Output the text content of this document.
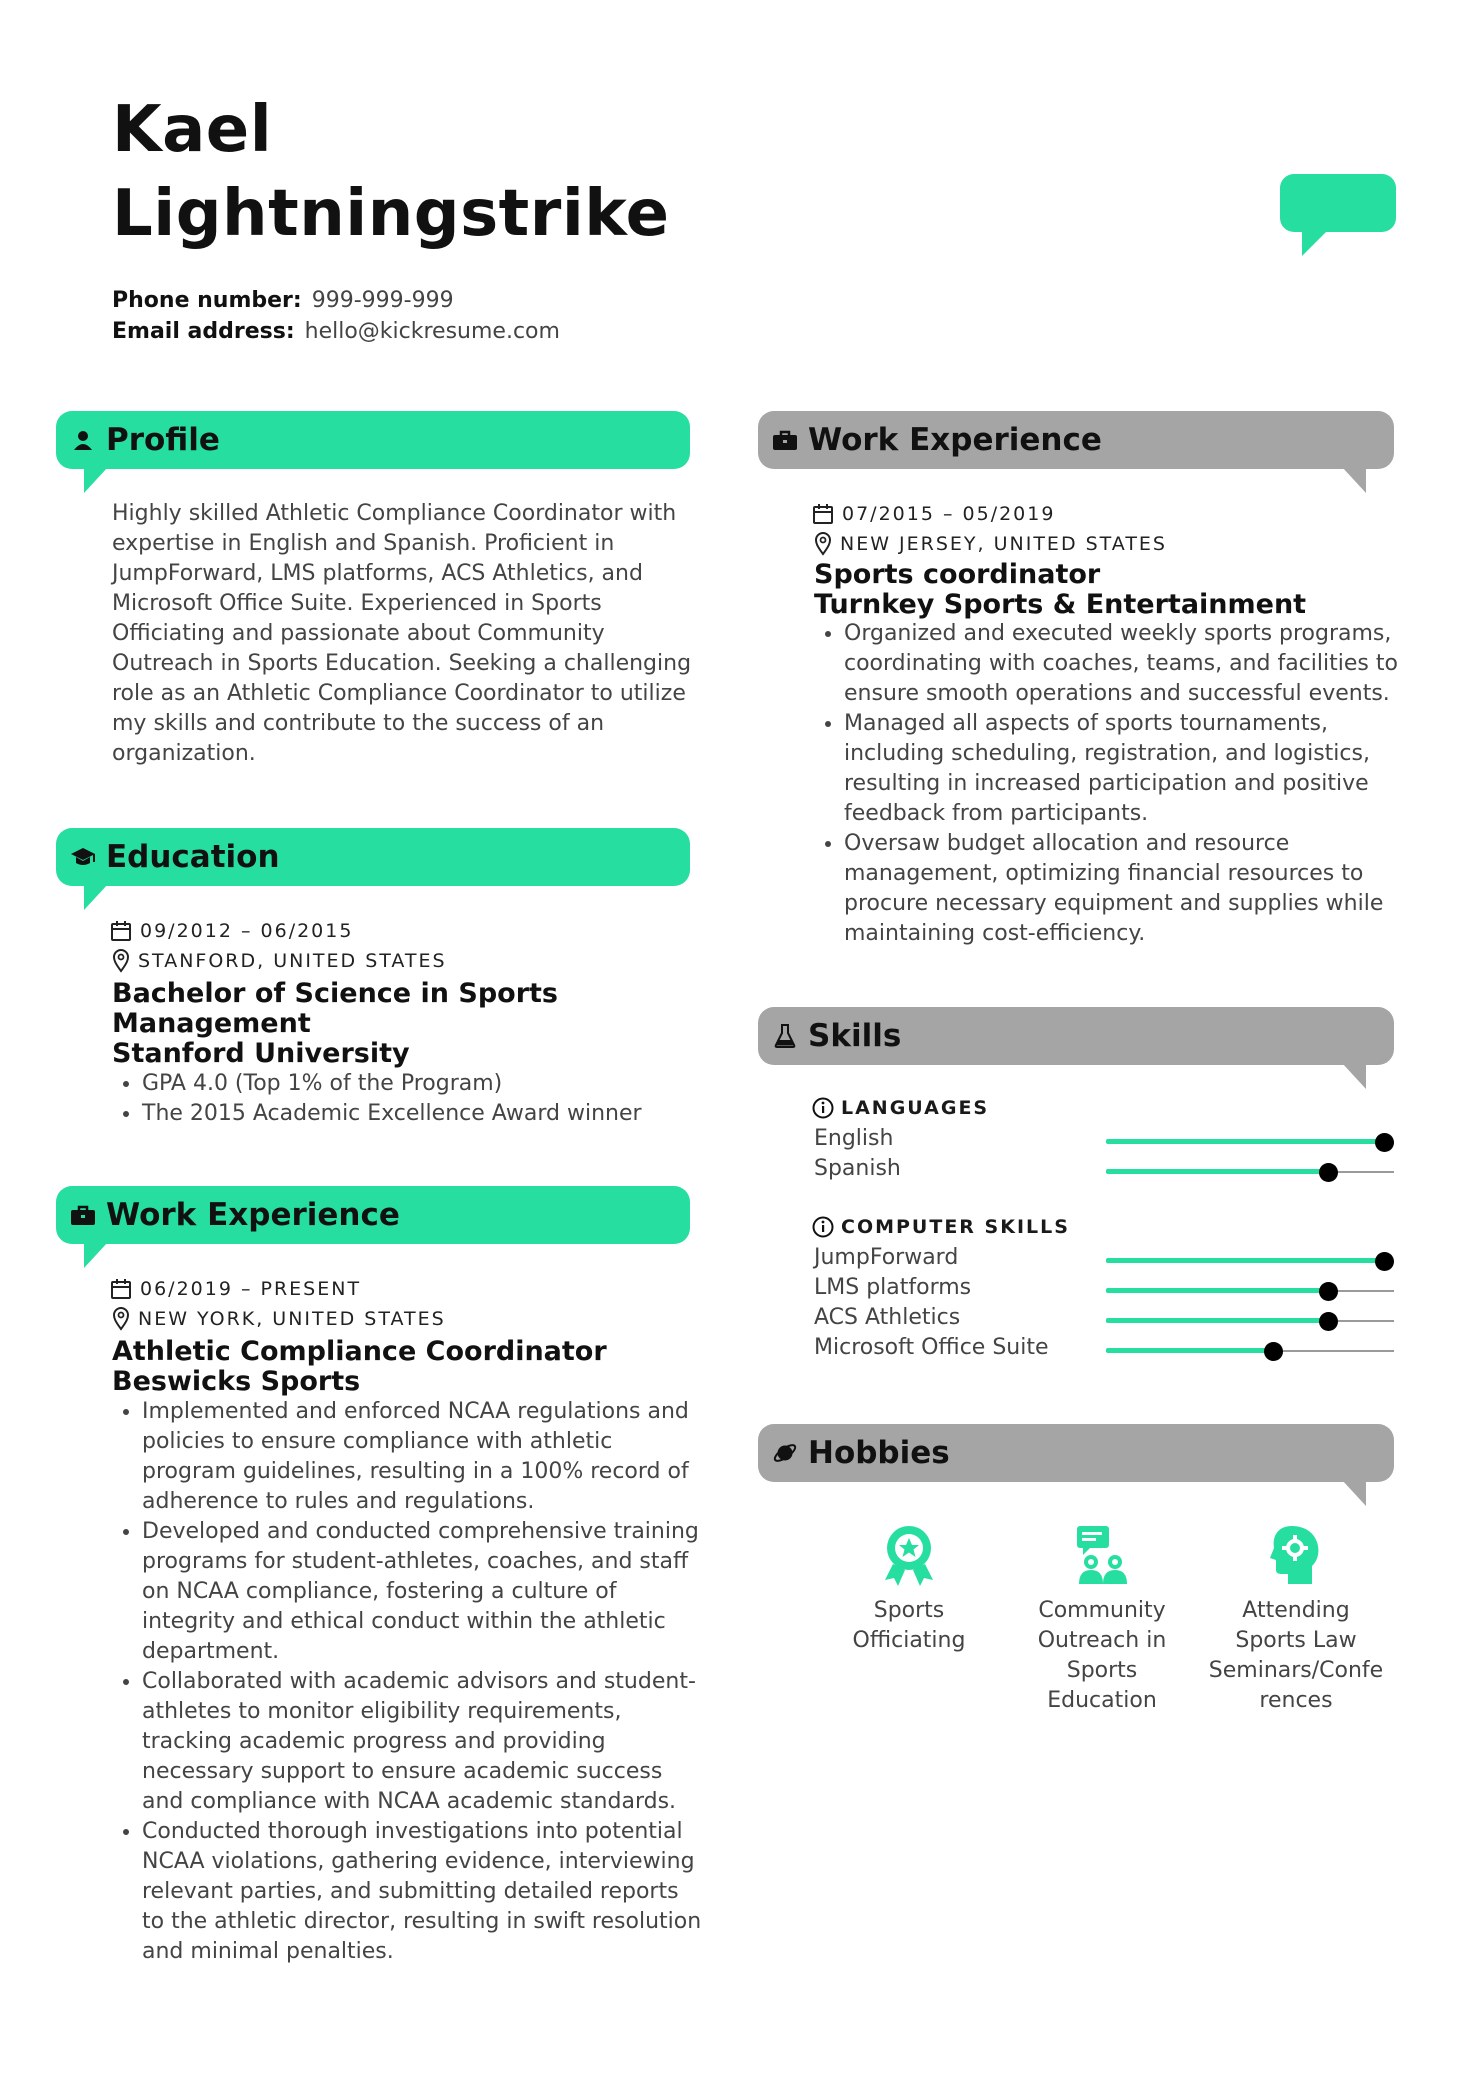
Kael
Lightningstrike
Phone number: 999-999-999
Email address: hello@kickresume.com
Profile
Highly skilled Athletic Compliance Coordinator with
expertise in English and Spanish. Proficient in
JumpForward, LMS platforms, ACS Athletics, and
Microsoft Office Suite. Experienced in Sports
Officiating and passionate about Community
Outreach in Sports Education. Seeking a challenging
role as an Athletic Compliance Coordinator to utilize
my skills and contribute to the success of an
organization.
Education
09/2012 – 06/2015
STANFORD, UNITED STATES
Bachelor of Science in Sports
Management
Stanford University
• GPA 4.0 (Top 1% of the Program)
• The 2015 Academic Excellence Award winner
Work Experience
06/2019 – PRESENT
NEW YORK, UNITED STATES
Athletic Compliance Coordinator
Beswicks Sports
• Implemented and enforced NCAA regulations and
policies to ensure compliance with athletic
program guidelines, resulting in a 100% record of
adherence to rules and regulations.
• Developed and conducted comprehensive training
programs for student-athletes, coaches, and staff
on NCAA compliance, fostering a culture of
integrity and ethical conduct within the athletic
department.
• Collaborated with academic advisors and student-
athletes to monitor eligibility requirements,
tracking academic progress and providing
necessary support to ensure academic success
and compliance with NCAA academic standards.
• Conducted thorough investigations into potential
NCAA violations, gathering evidence, interviewing
relevant parties, and submitting detailed reports
to the athletic director, resulting in swift resolution
and minimal penalties.
Work Experience
07/2015 – 05/2019
NEW JERSEY, UNITED STATES
Sports coordinator
Turnkey Sports & Entertainment
• Organized and executed weekly sports programs,
coordinating with coaches, teams, and facilities to
ensure smooth operations and successful events.
• Managed all aspects of sports tournaments,
including scheduling, registration, and logistics,
resulting in increased participation and positive
feedback from participants.
• Oversaw budget allocation and resource
management, optimizing financial resources to
procure necessary equipment and supplies while
maintaining cost-efficiency.
Skills
LANGUAGES
English
Spanish
COMPUTER SKILLS
JumpForward
LMS platforms
ACS Athletics
Microsoft Office Suite
Hobbies
Sports
Officiating
Community
Outreach in
Sports
Education
Attending
Sports Law
Seminars/Confe
rences
